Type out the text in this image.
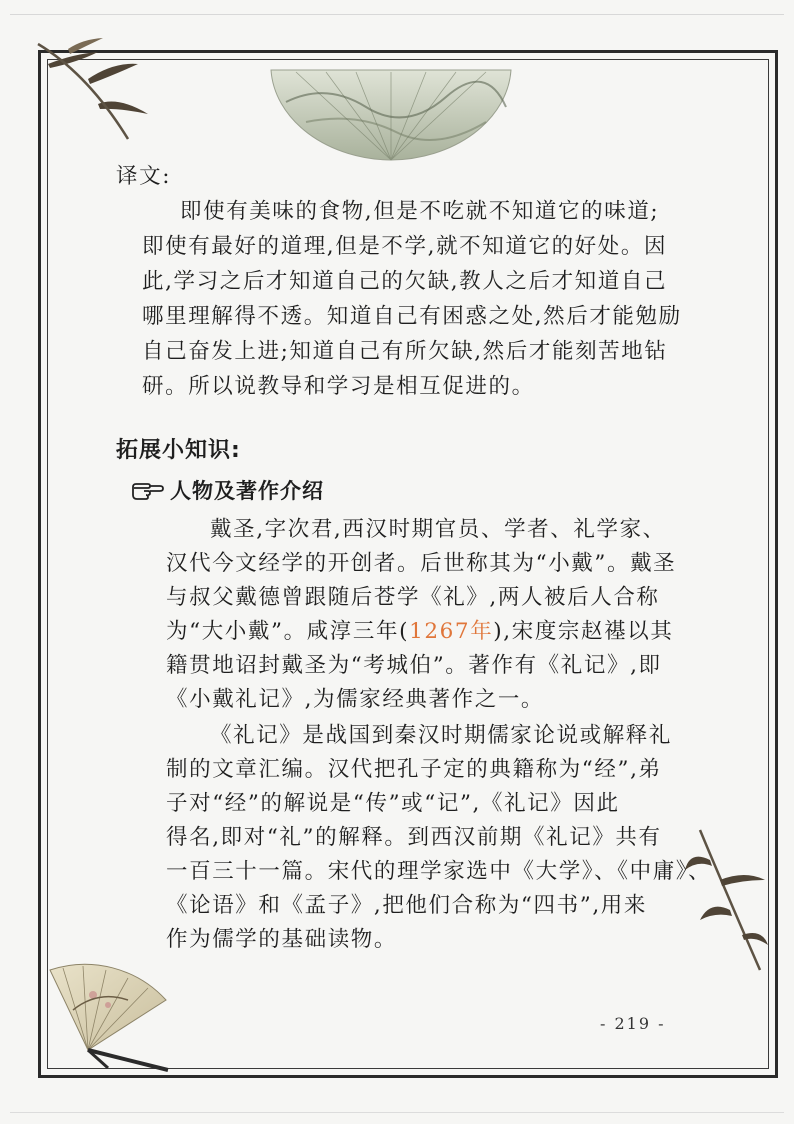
译文:
即使有美味的食物,但是不吃就不知道它的味道;
即使有最好的道理,但是不学,就不知道它的好处。因
此,学习之后才知道自己的欠缺,教人之后才知道自己
哪里理解得不透。知道自己有困惑之处,然后才能勉励
自己奋发上进;知道自己有所欠缺,然后才能刻苦地钻
研。所以说教导和学习是相互促进的。
拓展小知识:
人物及著作介绍
戴圣,字次君,西汉时期官员、学者、礼学家、
汉代今文经学的开创者。后世称其为“小戴”。戴圣
与叔父戴德曾跟随后苍学《礼》,两人被后人合称
为“大小戴”。咸淳三年(1267年),宋度宗赵禥以其
籍贯地诏封戴圣为“考城伯”。著作有《礼记》,即
《小戴礼记》,为儒家经典著作之一。
《礼记》是战国到秦汉时期儒家论说或解释礼
制的文章汇编。汉代把孔子定的典籍称为“经”,弟
子对“经”的解说是“传”或“记”,《礼记》因此
得名,即对“礼”的解释。到西汉前期《礼记》共有
一百三十一篇。宋代的理学家选中《大学》、《中庸》、
《论语》和《孟子》,把他们合称为“四书”,用来
作为儒学的基础读物。
- 219 -
